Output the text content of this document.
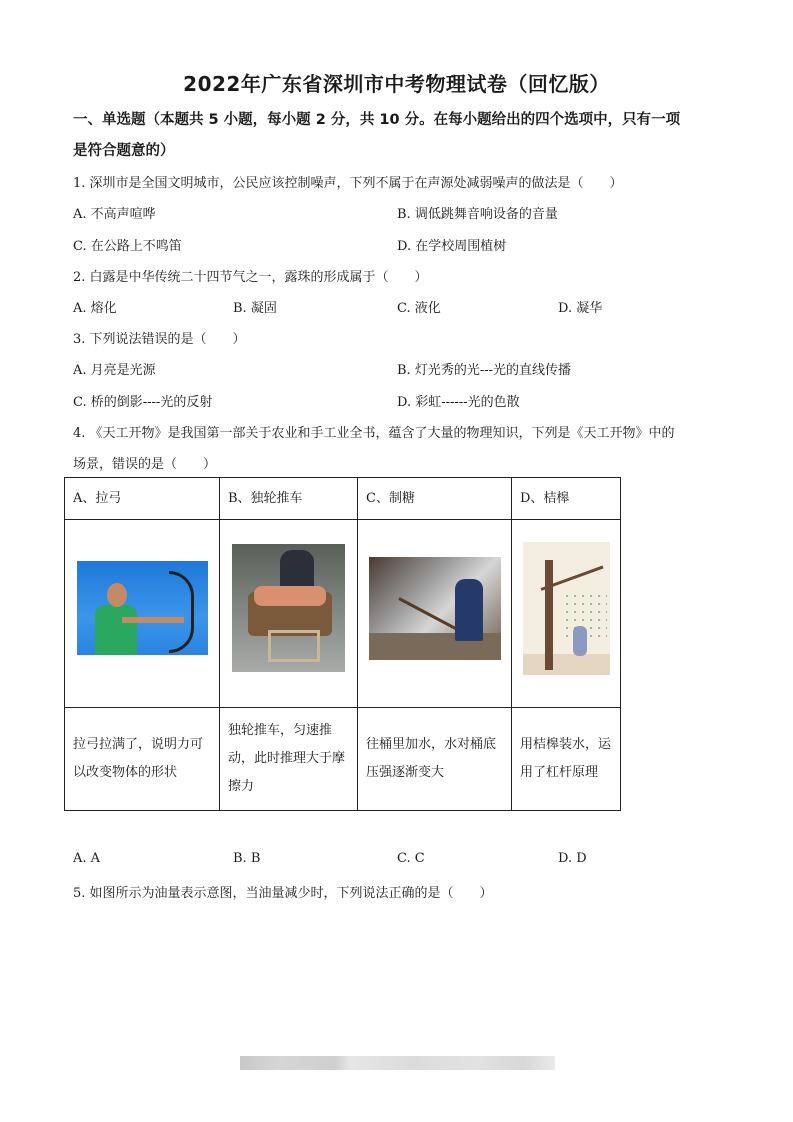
2022年广东省深圳市中考物理试卷（回忆版）
一、单选题（本题共 5 小题，每小题 2 分，共 10 分。在每小题给出的四个选项中，只有一项
是符合题意的）
1. 深圳市是全国文明城市，公民应该控制噪声，下列不属于在声源处减弱噪声的做法是（　　）
A. 不高声喧哗	B. 调低跳舞音响设备的音量
C. 在公路上不鸣笛	D. 在学校周围植树
2. 白露是中华传统二十四节气之一，露珠的形成属于（　　）
A. 熔化	B. 凝固	C. 液化	D. 凝华
3. 下列说法错误的是（　　）
A. 月亮是光源	B. 灯光秀的光---光的直线传播
C. 桥的倒影----光的反射	D. 彩虹------光的色散
4. 《天工开物》是我国第一部关于农业和手工业全书，蕴含了大量的物理知识，下列是《天工开物》中的
场景，错误的是（　　）
A、拉弓	B、独轮推车	C、制糖	D、桔槔

拉弓拉满了，说明力可以改变物体的形状	独轮推车，匀速推动，此时推理大于摩擦力	往桶里加水，水对桶底压强逐渐变大	用桔槔装水，运用了杠杆原理
A. A	B. B	C. C	D. D
5. 如图所示为油量表示意图，当油量减少时，下列说法正确的是（　　）
